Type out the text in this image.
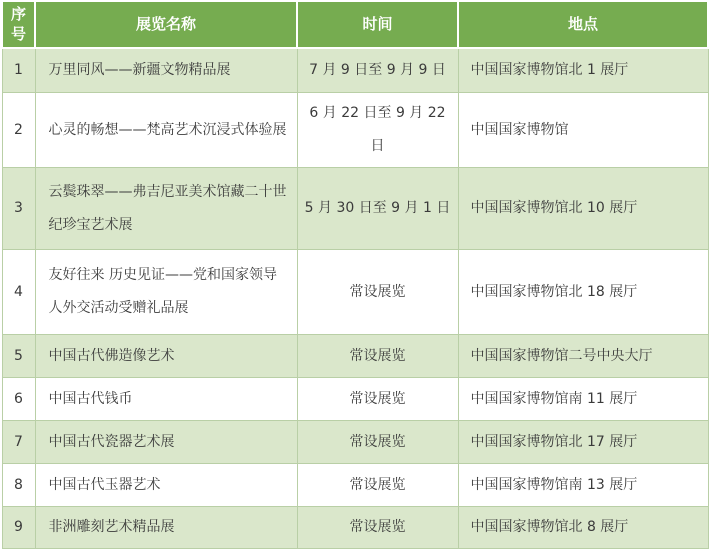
序号	展览名称	时间	地点
1	万里同风——新疆文物精品展	7 月 9 日至 9 月 9 日	中国国家博物馆北 1 展厅
2	心灵的畅想——梵高艺术沉浸式体验展	6 月 22 日至 9 月 22 日	中国国家博物馆
3	云鬓珠翠——弗吉尼亚美术馆藏二十世纪珍宝艺术展	5 月 30 日至 9 月 1 日	中国国家博物馆北 10 展厅
4	友好往来 历史见证——党和国家领导人外交活动受赠礼品展	常设展览	中国国家博物馆北 18 展厅
5	中国古代佛造像艺术	常设展览	中国国家博物馆二号中央大厅
6	中国古代钱币	常设展览	中国国家博物馆南 11 展厅
7	中国古代瓷器艺术展	常设展览	中国国家博物馆北 17 展厅
8	中国古代玉器艺术	常设展览	中国国家博物馆南 13 展厅
9	非洲雕刻艺术精品展	常设展览	中国国家博物馆北 8 展厅
